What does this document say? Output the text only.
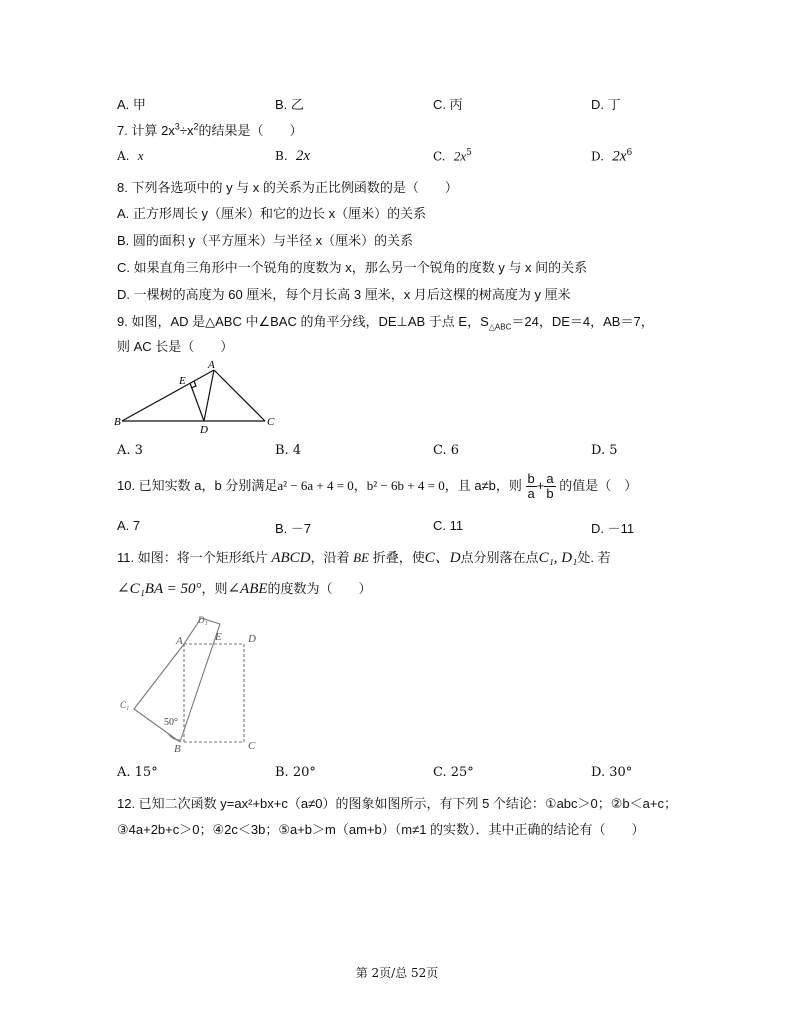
A. 甲	B. 乙	C. 丙	D. 丁
7. 计算 $2x^3\div x^2$的结果是（　　）
A. x	B. 2x	C. $2x^5$	D. $2x^6$
8. 下列各选项中的 y 与 x 的关系为正比例函数的是（　　）
A. 正方形周长 y（厘米）和它的边长 x（厘米）的关系
B. 圆的面积 y（平方厘米）与半径 x（厘米）的关系
C. 如果直角三角形中一个锐角的度数为 x，那么另一个锐角的度数 y 与 x 间的关系
D. 一棵树的高度为 60 厘米，每个月长高 3 厘米，x 月后这棵的树高度为 y 厘米
9. 如图，AD 是△ABC 中∠BAC 的角平分线，DE⊥AB 于点 E，$S_{\triangle ABC}=24$，DE＝4，AB＝7，
则 AC 长是（　　）
A
B	C
D
E
A. 3	B. 4	C. 6	D. 5
10. 已知实数 a，b 分别满足a² − 6a + 4 = 0，b² − 6b + 4 = 0，且 a≠b，则 $\frac{b}{a} + \frac{a}{b}$ 的值是（　）
A. 7	B. －7	C. 11	D. －11
11. 如图：将一个矩形纸片 ABCD，沿着 BE 折叠，使C、D点分别落在点C₁, D₁处. 若
∠C₁BA = 50°，则∠ABE的度数为（　　）
A
B	C
D
E
C₁
D₁
50°
A. 15°	B. 20°	C. 25°	D. 30°
12. 已知二次函数 y=ax²+bx+c（a≠0）的图象如图所示，有下列 5 个结论：①abc＞0；②b＜a+c；
③4a+2b+c＞0；④2c＜3b；⑤a+b＞m（am+b）（m≠1 的实数）．其中正确的结论有（　　）
第 2页/总 52页
